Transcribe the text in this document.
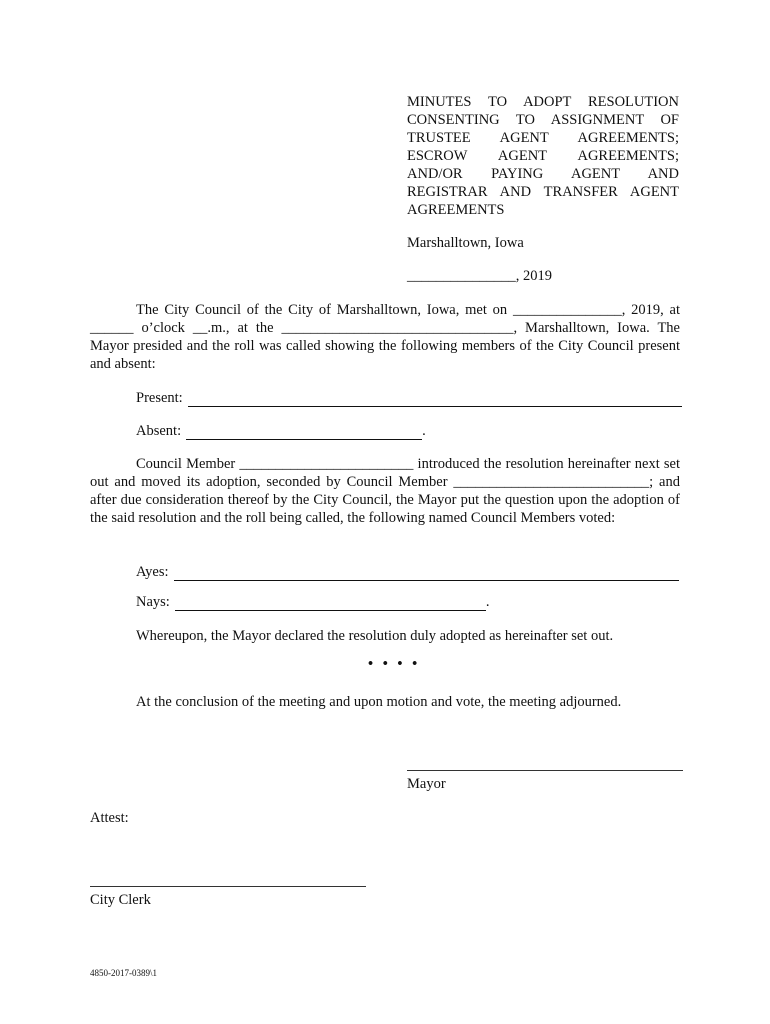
MINUTES TO ADOPT RESOLUTION
CONSENTING TO ASSIGNMENT OF
TRUSTEE AGENT AGREEMENTS;
ESCROW AGENT AGREEMENTS;
AND/OR PAYING AGENT AND
REGISTRAR AND TRANSFER AGENT
AGREEMENTS
Marshalltown, Iowa
_______________, 2019
The City Council of the City of Marshalltown, Iowa, met on _______________, 2019, at ______ o’clock __.m., at the ________________________________, Marshalltown, Iowa. The Mayor presided and the roll was called showing the following members of the City Council present and absent:
Present:
Absent:	.
Council Member ________________________ introduced the resolution hereinafter next set out and moved its adoption, seconded by Council Member ___________________________; and after due consideration thereof by the City Council, the Mayor put the question upon the adoption of the said resolution and the roll being called, the following named Council Members voted:
Ayes:
Nays:	.
Whereupon, the Mayor declared the resolution duly adopted as hereinafter set out.
• • • •
At the conclusion of the meeting and upon motion and vote, the meeting adjourned.
Mayor
Attest:
City Clerk
4850-2017-0389\1
